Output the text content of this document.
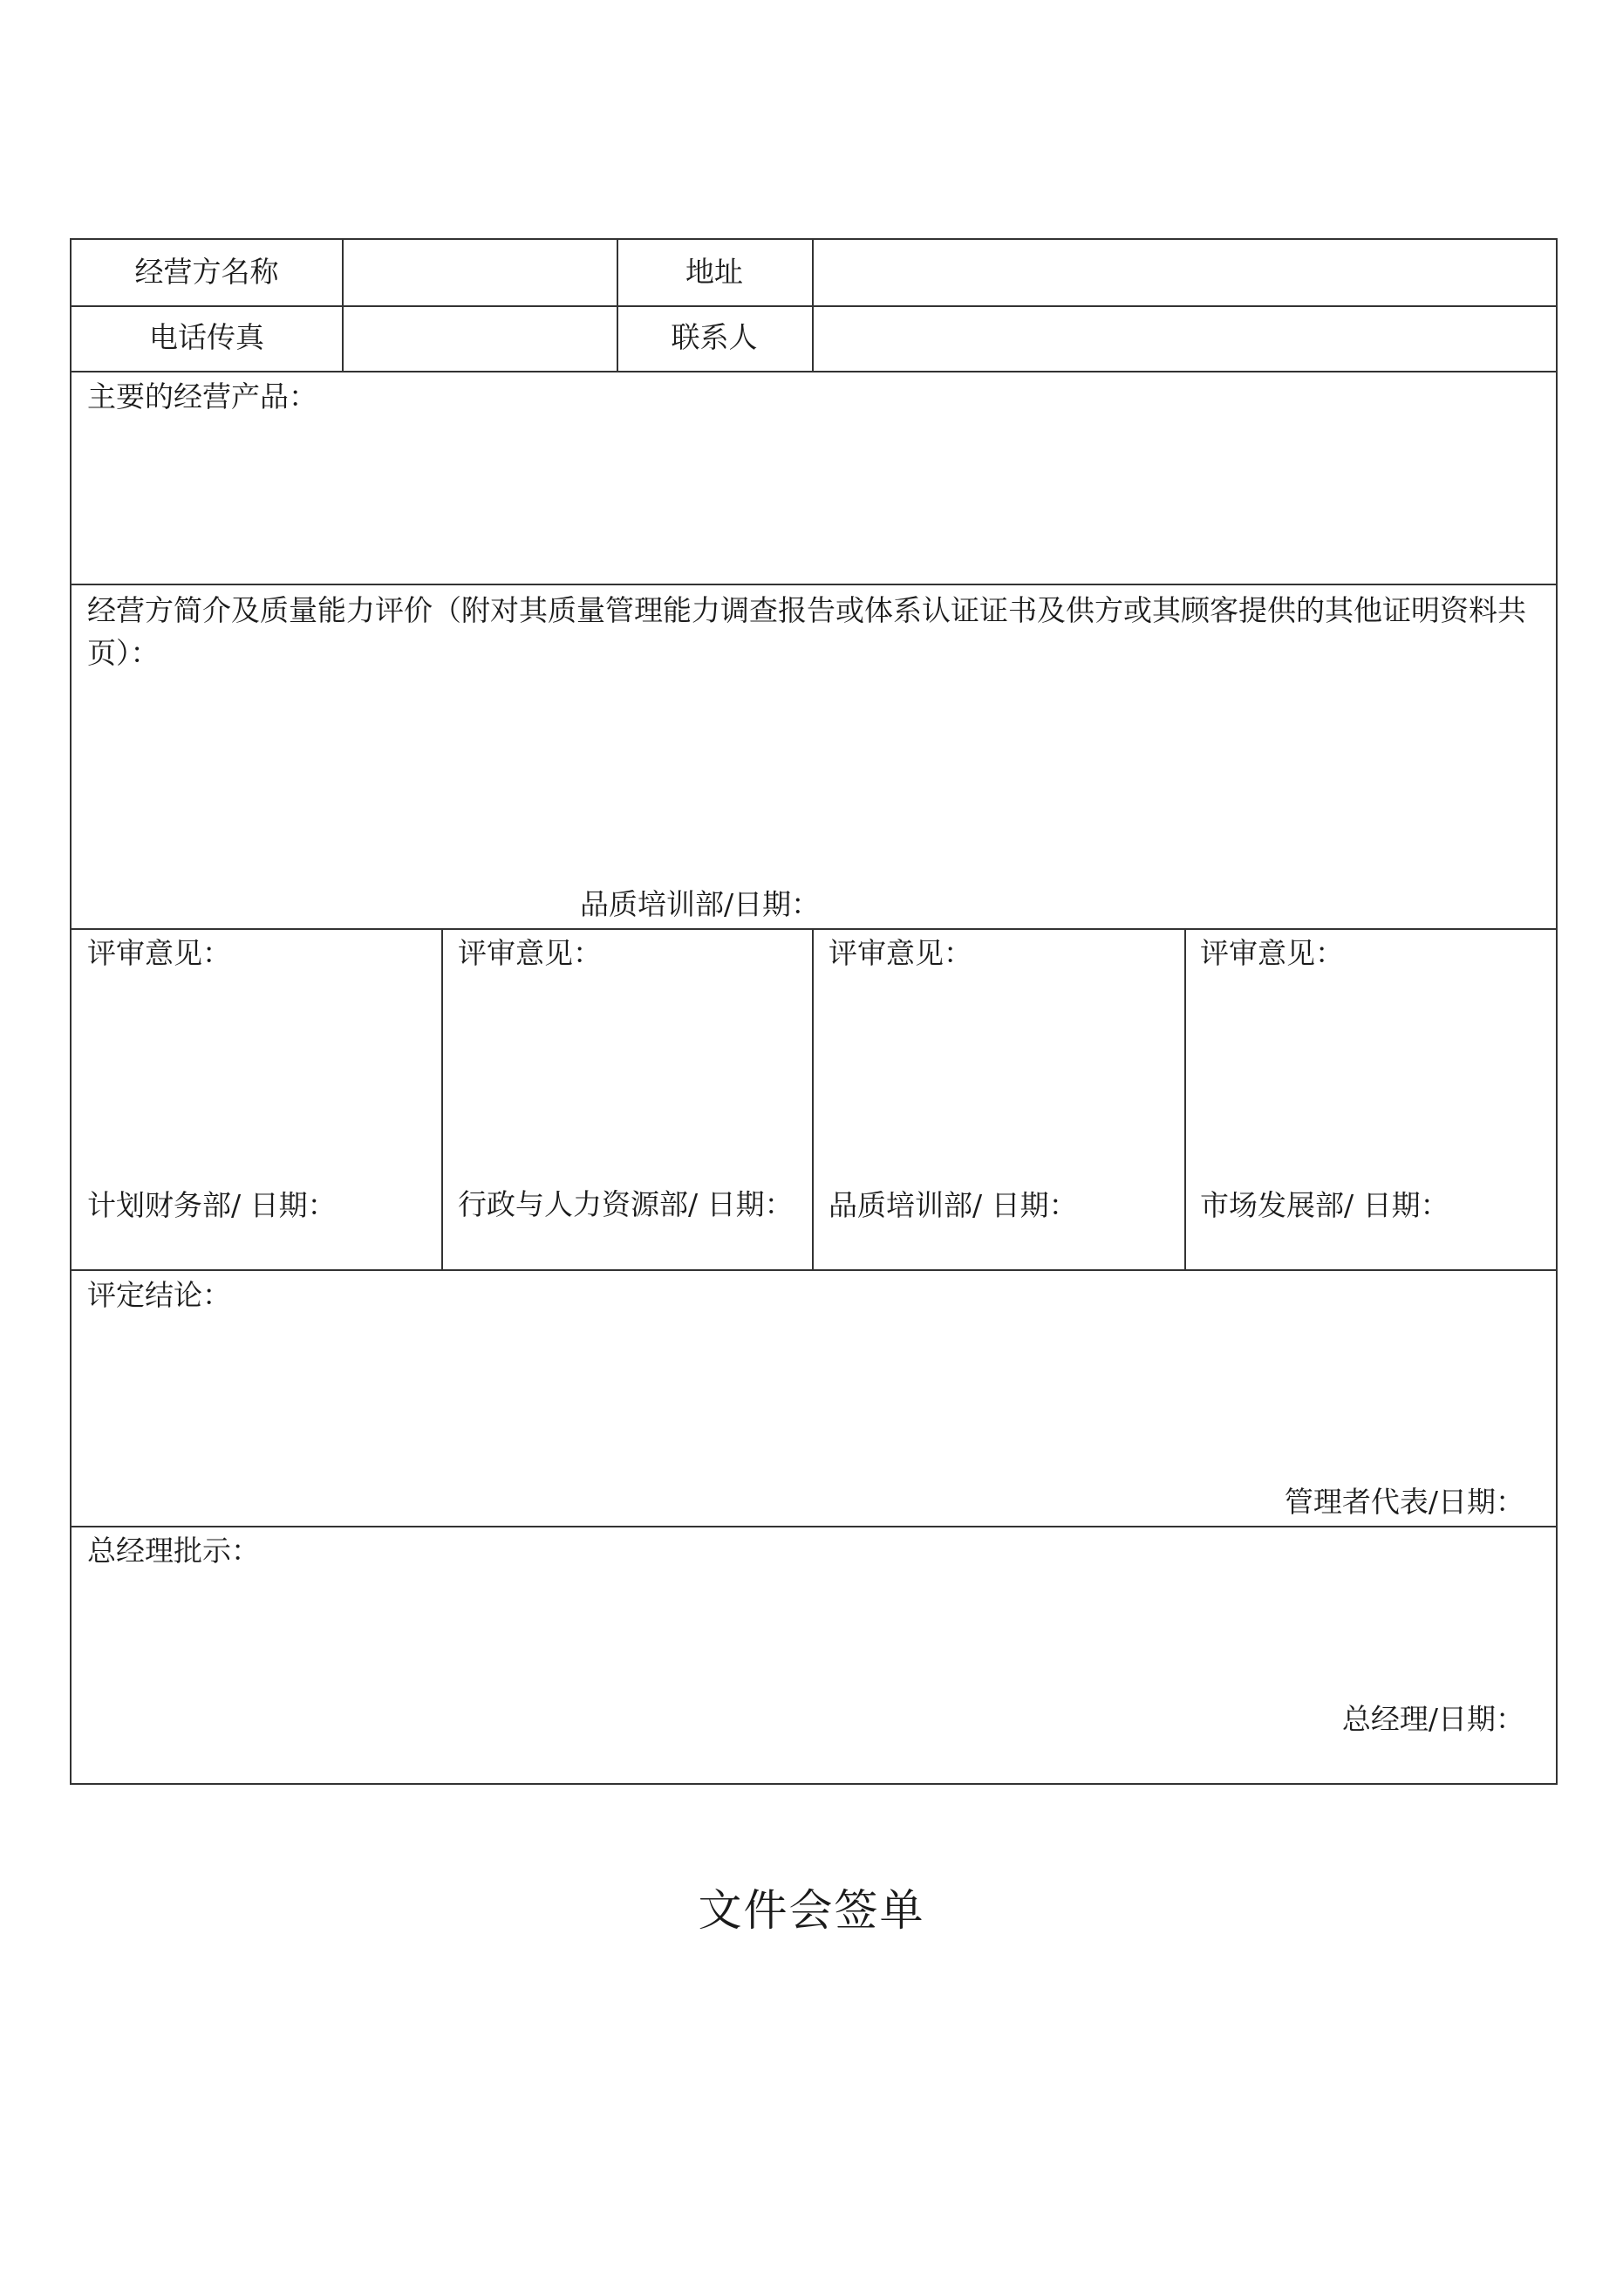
经营方名称	地址
电话传真	联系人
主要的经营产品：
经营方简介及质量能力评价（附对其质量管理能力调查报告或体系认证证书及供方或其顾客提供的其他证明资料共页）：
品质培训部/日期：
评审意见：
计划财务部/ 日期：
评审意见：
行政与人力资源部/ 日期：
评审意见：
品质培训部/ 日期：
评审意见：
市场发展部/ 日期：
评定结论：
管理者代表/日期：
总经理批示：
总经理/日期：
文件会签单
